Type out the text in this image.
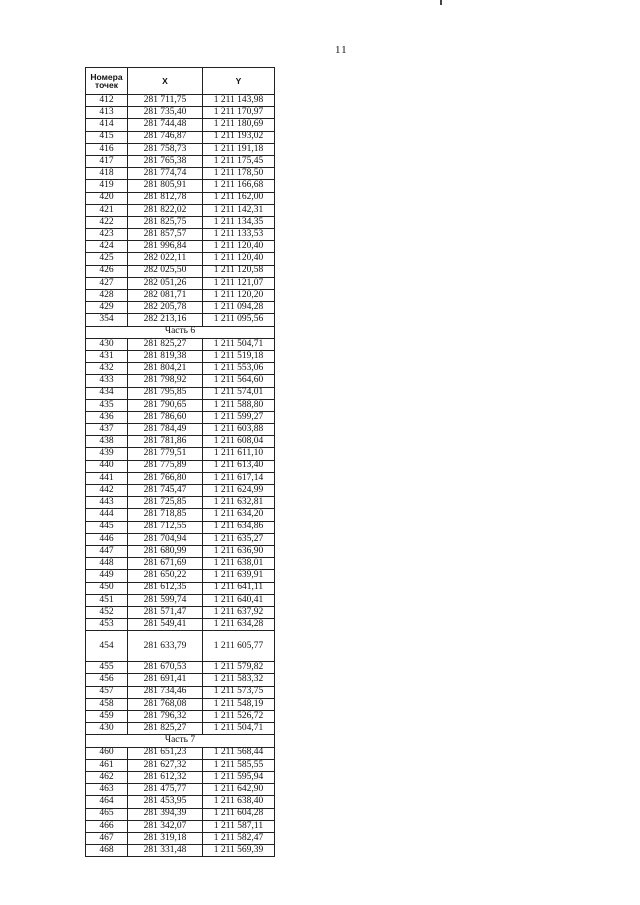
11
Номера точек	X	Y
412	281 711,75	1 211 143,98
413	281 735,40	1 211 170,97
414	281 744,48	1 211 180,69
415	281 746,87	1 211 193,02
416	281 758,73	1 211 191,18
417	281 765,38	1 211 175,45
418	281 774,74	1 211 178,50
419	281 805,91	1 211 166,68
420	281 812,78	1 211 162,00
421	281 822,02	1 211 142,31
422	281 825,75	1 211 134,35
423	281 857,57	1 211 133,53
424	281 996,84	1 211 120,40
425	282 022,11	1 211 120,40
426	282 025,50	1 211 120,58
427	282 051,26	1 211 121,07
428	282 081,71	1 211 120,20
429	282 205,78	1 211 094,28
354	282 213,16	1 211 095,56
Часть 6		
430	281 825,27	1 211 504,71
431	281 819,38	1 211 519,18
432	281 804,21	1 211 553,06
433	281 798,92	1 211 564,60
434	281 795,85	1 211 574,01
435	281 790,65	1 211 588,80
436	281 786,60	1 211 599,27
437	281 784,49	1 211 603,88
438	281 781,86	1 211 608,04
439	281 779,51	1 211 611,10
440	281 775,89	1 211 613,40
441	281 766,80	1 211 617,14
442	281 745,47	1 211 624,99
443	281 725,85	1 211 632,81
444	281 718,85	1 211 634,20
445	281 712,55	1 211 634,86
446	281 704,94	1 211 635,27
447	281 680,99	1 211 636,90
448	281 671,69	1 211 638,01
449	281 650,22	1 211 639,91
450	281 612,35	1 211 641,11
451	281 599,74	1 211 640,41
452	281 571,47	1 211 637,92
453	281 549,41	1 211 634,28
454	281 633,79	1 211 605,77
455	281 670,53	1 211 579,82
456	281 691,41	1 211 583,32
457	281 734,46	1 211 573,75
458	281 768,08	1 211 548,19
459	281 796,32	1 211 526,72
430	281 825,27	1 211 504,71
Часть 7		
460	281 651,23	1 211 568,44
461	281 627,32	1 211 585,55
462	281 612,32	1 211 595,94
463	281 475,77	1 211 642,90
464	281 453,95	1 211 638,40
465	281 394,39	1 211 604,28
466	281 342,07	1 211 587,11
467	281 319,18	1 211 582,47
468	281 331,48	1 211 569,39
